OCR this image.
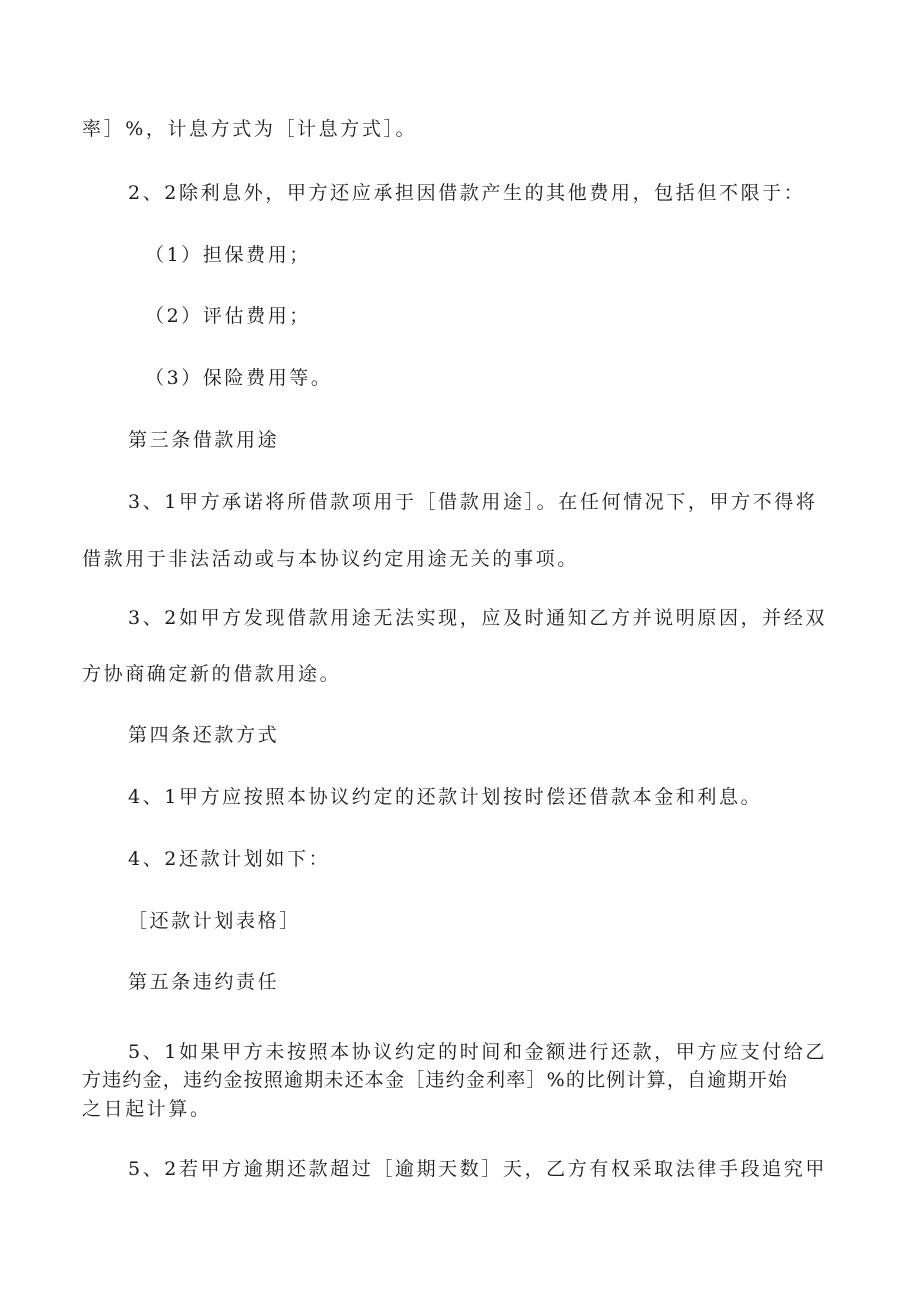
率］%，计息方式为［计息方式］。
2、2除利息外，甲方还应承担因借款产生的其他费用，包括但不限于：
（1）担保费用；
（2）评估费用；
（3）保险费用等。
第三条借款用途
3、1甲方承诺将所借款项用于［借款用途］。在任何情况下，甲方不得将
借款用于非法活动或与本协议约定用途无关的事项。
3、2如甲方发现借款用途无法实现，应及时通知乙方并说明原因，并经双
方协商确定新的借款用途。
第四条还款方式
4、1甲方应按照本协议约定的还款计划按时偿还借款本金和利息。
4、2还款计划如下：
［还款计划表格］
第五条违约责任
5、1如果甲方未按照本协议约定的时间和金额进行还款，甲方应支付给乙
方违约金，违约金按照逾期未还本金［违约金利率］%的比例计算，自逾期开始
之日起计算。
5、2若甲方逾期还款超过［逾期天数］天，乙方有权采取法律手段追究甲
